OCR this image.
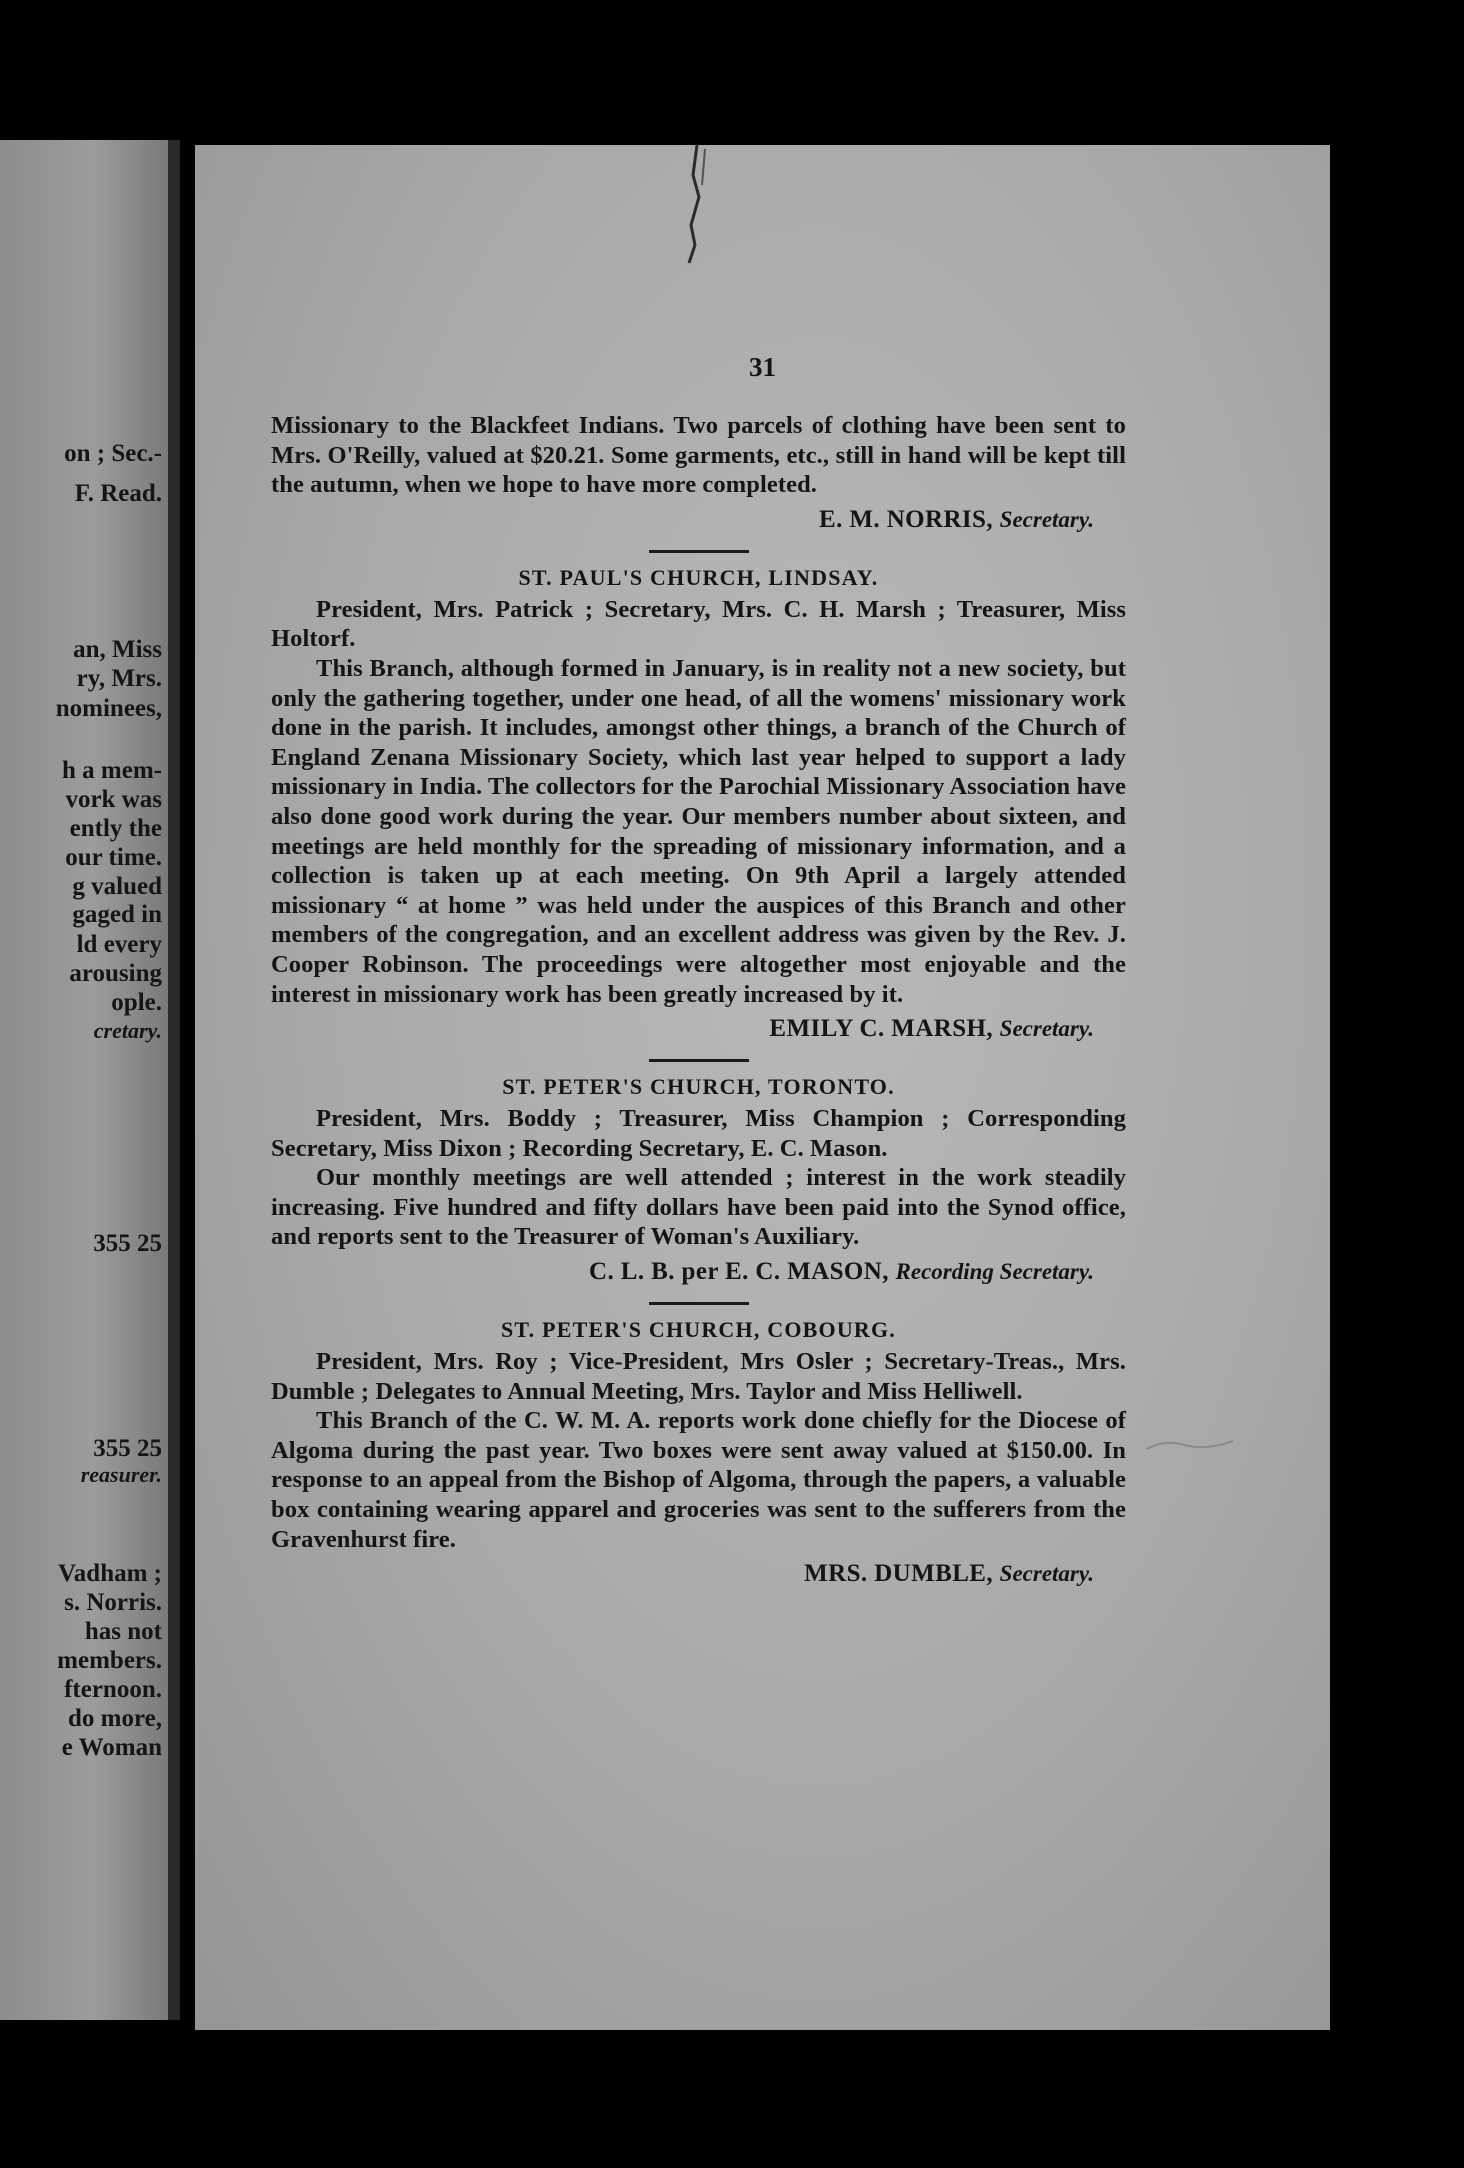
on ; Sec.-
F. Read.
an, Miss
ry, Mrs.
nominees,
h a mem-
vork was
ently the
our time.
g valued
gaged in
ld every
arousing
ople.
cretary.
355 25
355 25
reasurer.
Vadham ;
s. Norris.
has not
members.
fternoon.
do more,
e Woman
31

Missionary to the Blackfeet Indians. Two parcels of clothing have been sent to Mrs. O'Reilly, valued at $20.21. Some garments, etc., still in hand will be kept till the autumn, when we hope to have more completed.

E. M. NORRIS, Secretary.
ST. PAUL'S CHURCH, LINDSAY.

President, Mrs. Patrick ; Secretary, Mrs. C. H. Marsh ; Treasurer, Miss Holtorf.

This Branch, although formed in January, is in reality not a new society, but only the gathering together, under one head, of all the womens' missionary work done in the parish. It includes, amongst other things, a branch of the Church of England Zenana Missionary Society, which last year helped to support a lady missionary in India. The collectors for the Parochial Missionary Association have also done good work during the year. Our members number about sixteen, and meetings are held monthly for the spreading of missionary information, and a collection is taken up at each meeting. On 9th April a largely attended missionary “ at home ” was held under the auspices of this Branch and other members of the congregation, and an excellent address was given by the Rev. J. Cooper Robinson. The proceedings were altogether most enjoyable and the interest in missionary work has been greatly increased by it.

EMILY C. MARSH, Secretary.
ST. PETER'S CHURCH, TORONTO.

President, Mrs. Boddy ; Treasurer, Miss Champion ; Corresponding Secretary, Miss Dixon ; Recording Secretary, E. C. Mason.

Our monthly meetings are well attended ; interest in the work steadily increasing. Five hundred and fifty dollars have been paid into the Synod office, and reports sent to the Treasurer of Woman's Auxiliary.

C. L. B. per E. C. MASON, Recording Secretary.
ST. PETER'S CHURCH, COBOURG.

President, Mrs. Roy ; Vice-President, Mrs Osler ; Secretary-Treas., Mrs. Dumble ; Delegates to Annual Meeting, Mrs. Taylor and Miss Helliwell.

This Branch of the C. W. M. A. reports work done chiefly for the Diocese of Algoma during the past year. Two boxes were sent away valued at $150.00. In response to an appeal from the Bishop of Algoma, through the papers, a valuable box containing wearing apparel and groceries was sent to the sufferers from the Gravenhurst fire.

MRS. DUMBLE, Secretary.
